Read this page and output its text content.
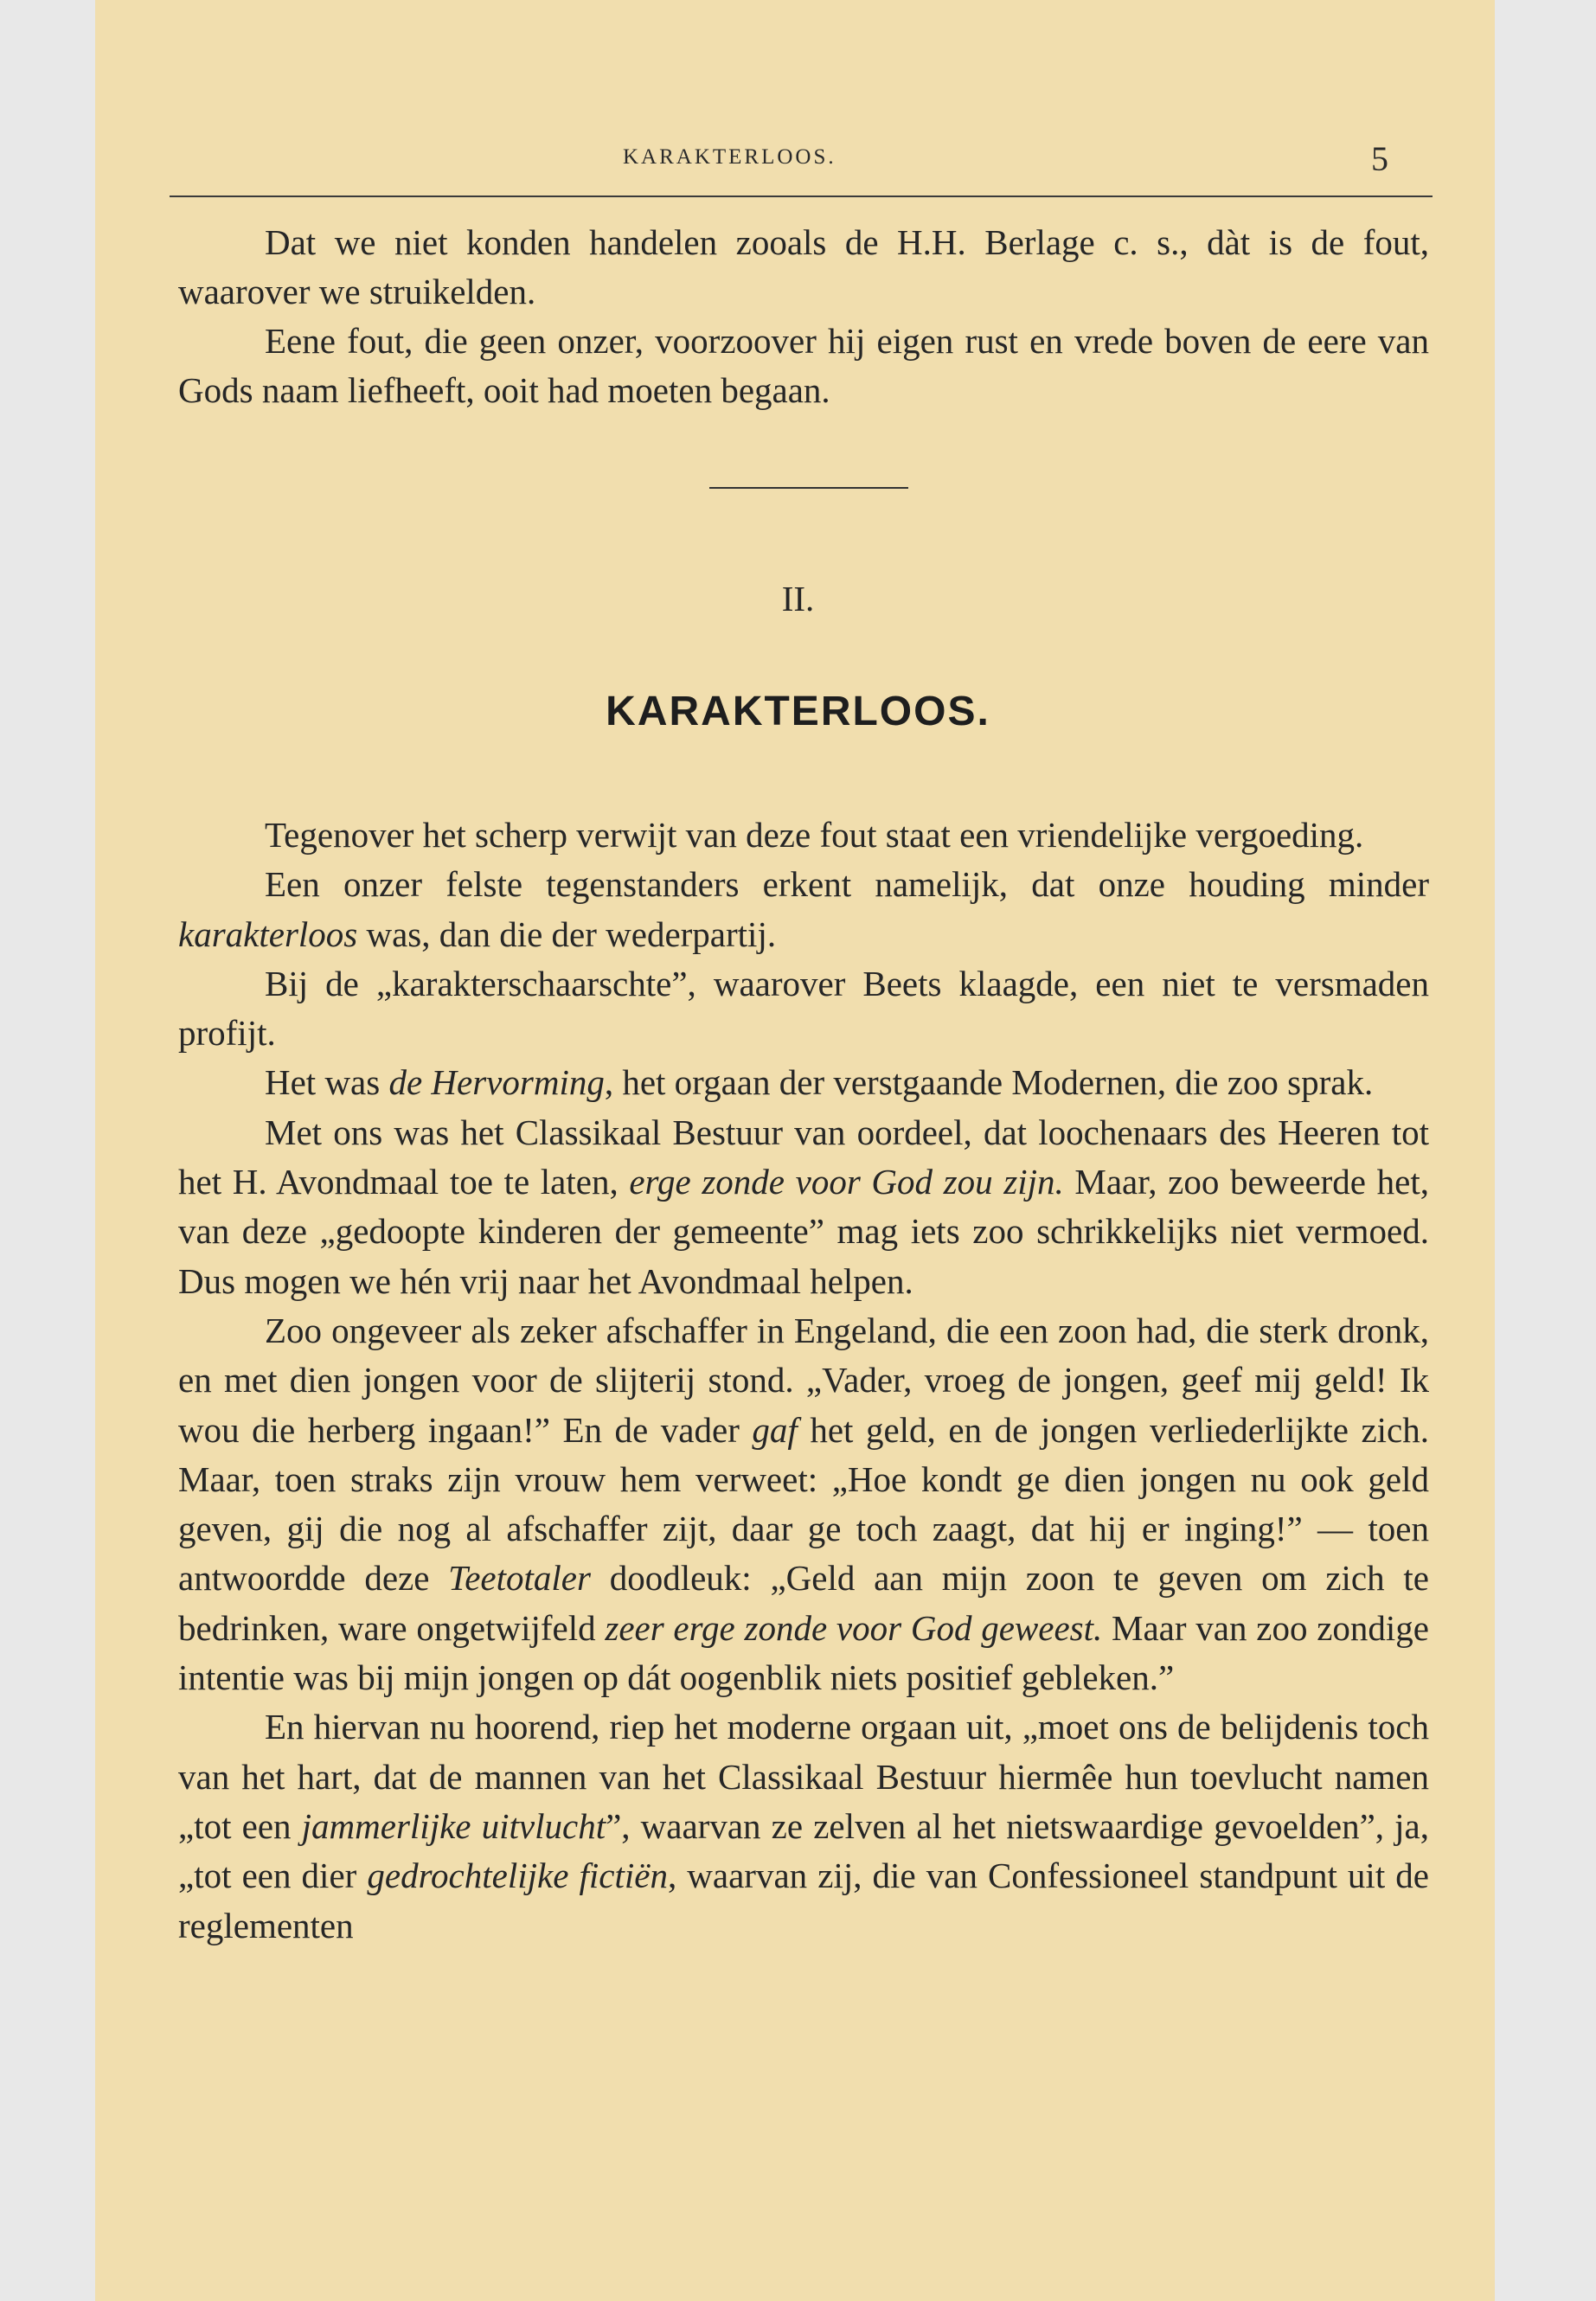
KARAKTERLOOS.	5

Dat we niet konden handelen zooals de H.H. Berlage c. s., dàt is de fout, waarover we struikelden.

Eene fout, die geen onzer, voorzoover hij eigen rust en vrede boven de eere van Gods naam liefheeft, ooit had moeten begaan.

II.
KARAKTERLOOS.

Tegenover het scherp verwijt van deze fout staat een vriendelijke vergoeding.

Een onzer felste tegenstanders erkent namelijk, dat onze houding minder karakterloos was, dan die der wederpartij.

Bij de „karakterschaarschte”, waarover Beets klaagde, een niet te versmaden profijt.

Het was de Hervorming, het orgaan der verstgaande Modernen, die zoo sprak.

Met ons was het Classikaal Bestuur van oordeel, dat loochenaars des Heeren tot het H. Avondmaal toe te laten, erge zonde voor God zou zijn. Maar, zoo beweerde het, van deze „gedoopte kinderen der gemeente” mag iets zoo schrikkelijks niet vermoed. Dus mogen we hén vrij naar het Avondmaal helpen.

Zoo ongeveer als zeker afschaffer in Engeland, die een zoon had, die sterk dronk, en met dien jongen voor de slijterij stond. „Vader, vroeg de jongen, geef mij geld! Ik wou die herberg ingaan!” En de vader gaf het geld, en de jongen verliederlijkte zich. Maar, toen straks zijn vrouw hem verweet: „Hoe kondt ge dien jongen nu ook geld geven, gij die nog al afschaffer zijt, daar ge toch zaagt, dat hij er inging!” — toen antwoordde deze Teetotaler doodleuk: „Geld aan mijn zoon te geven om zich te bedrinken, ware ongetwijfeld zeer erge zonde voor God geweest. Maar van zoo zondige intentie was bij mijn jongen op dát oogenblik niets positief gebleken.”

En hiervan nu hoorend, riep het moderne orgaan uit, „moet ons de belijdenis toch van het hart, dat de mannen van het Classikaal Bestuur hiermêe hun toevlucht namen „tot een jammerlijke uitvlucht”, waarvan ze zelven al het nietswaardige gevoelden”, ja, „tot een dier gedrochtelijke fictiën, waarvan zij, die van Confessioneel standpunt uit de reglementen
